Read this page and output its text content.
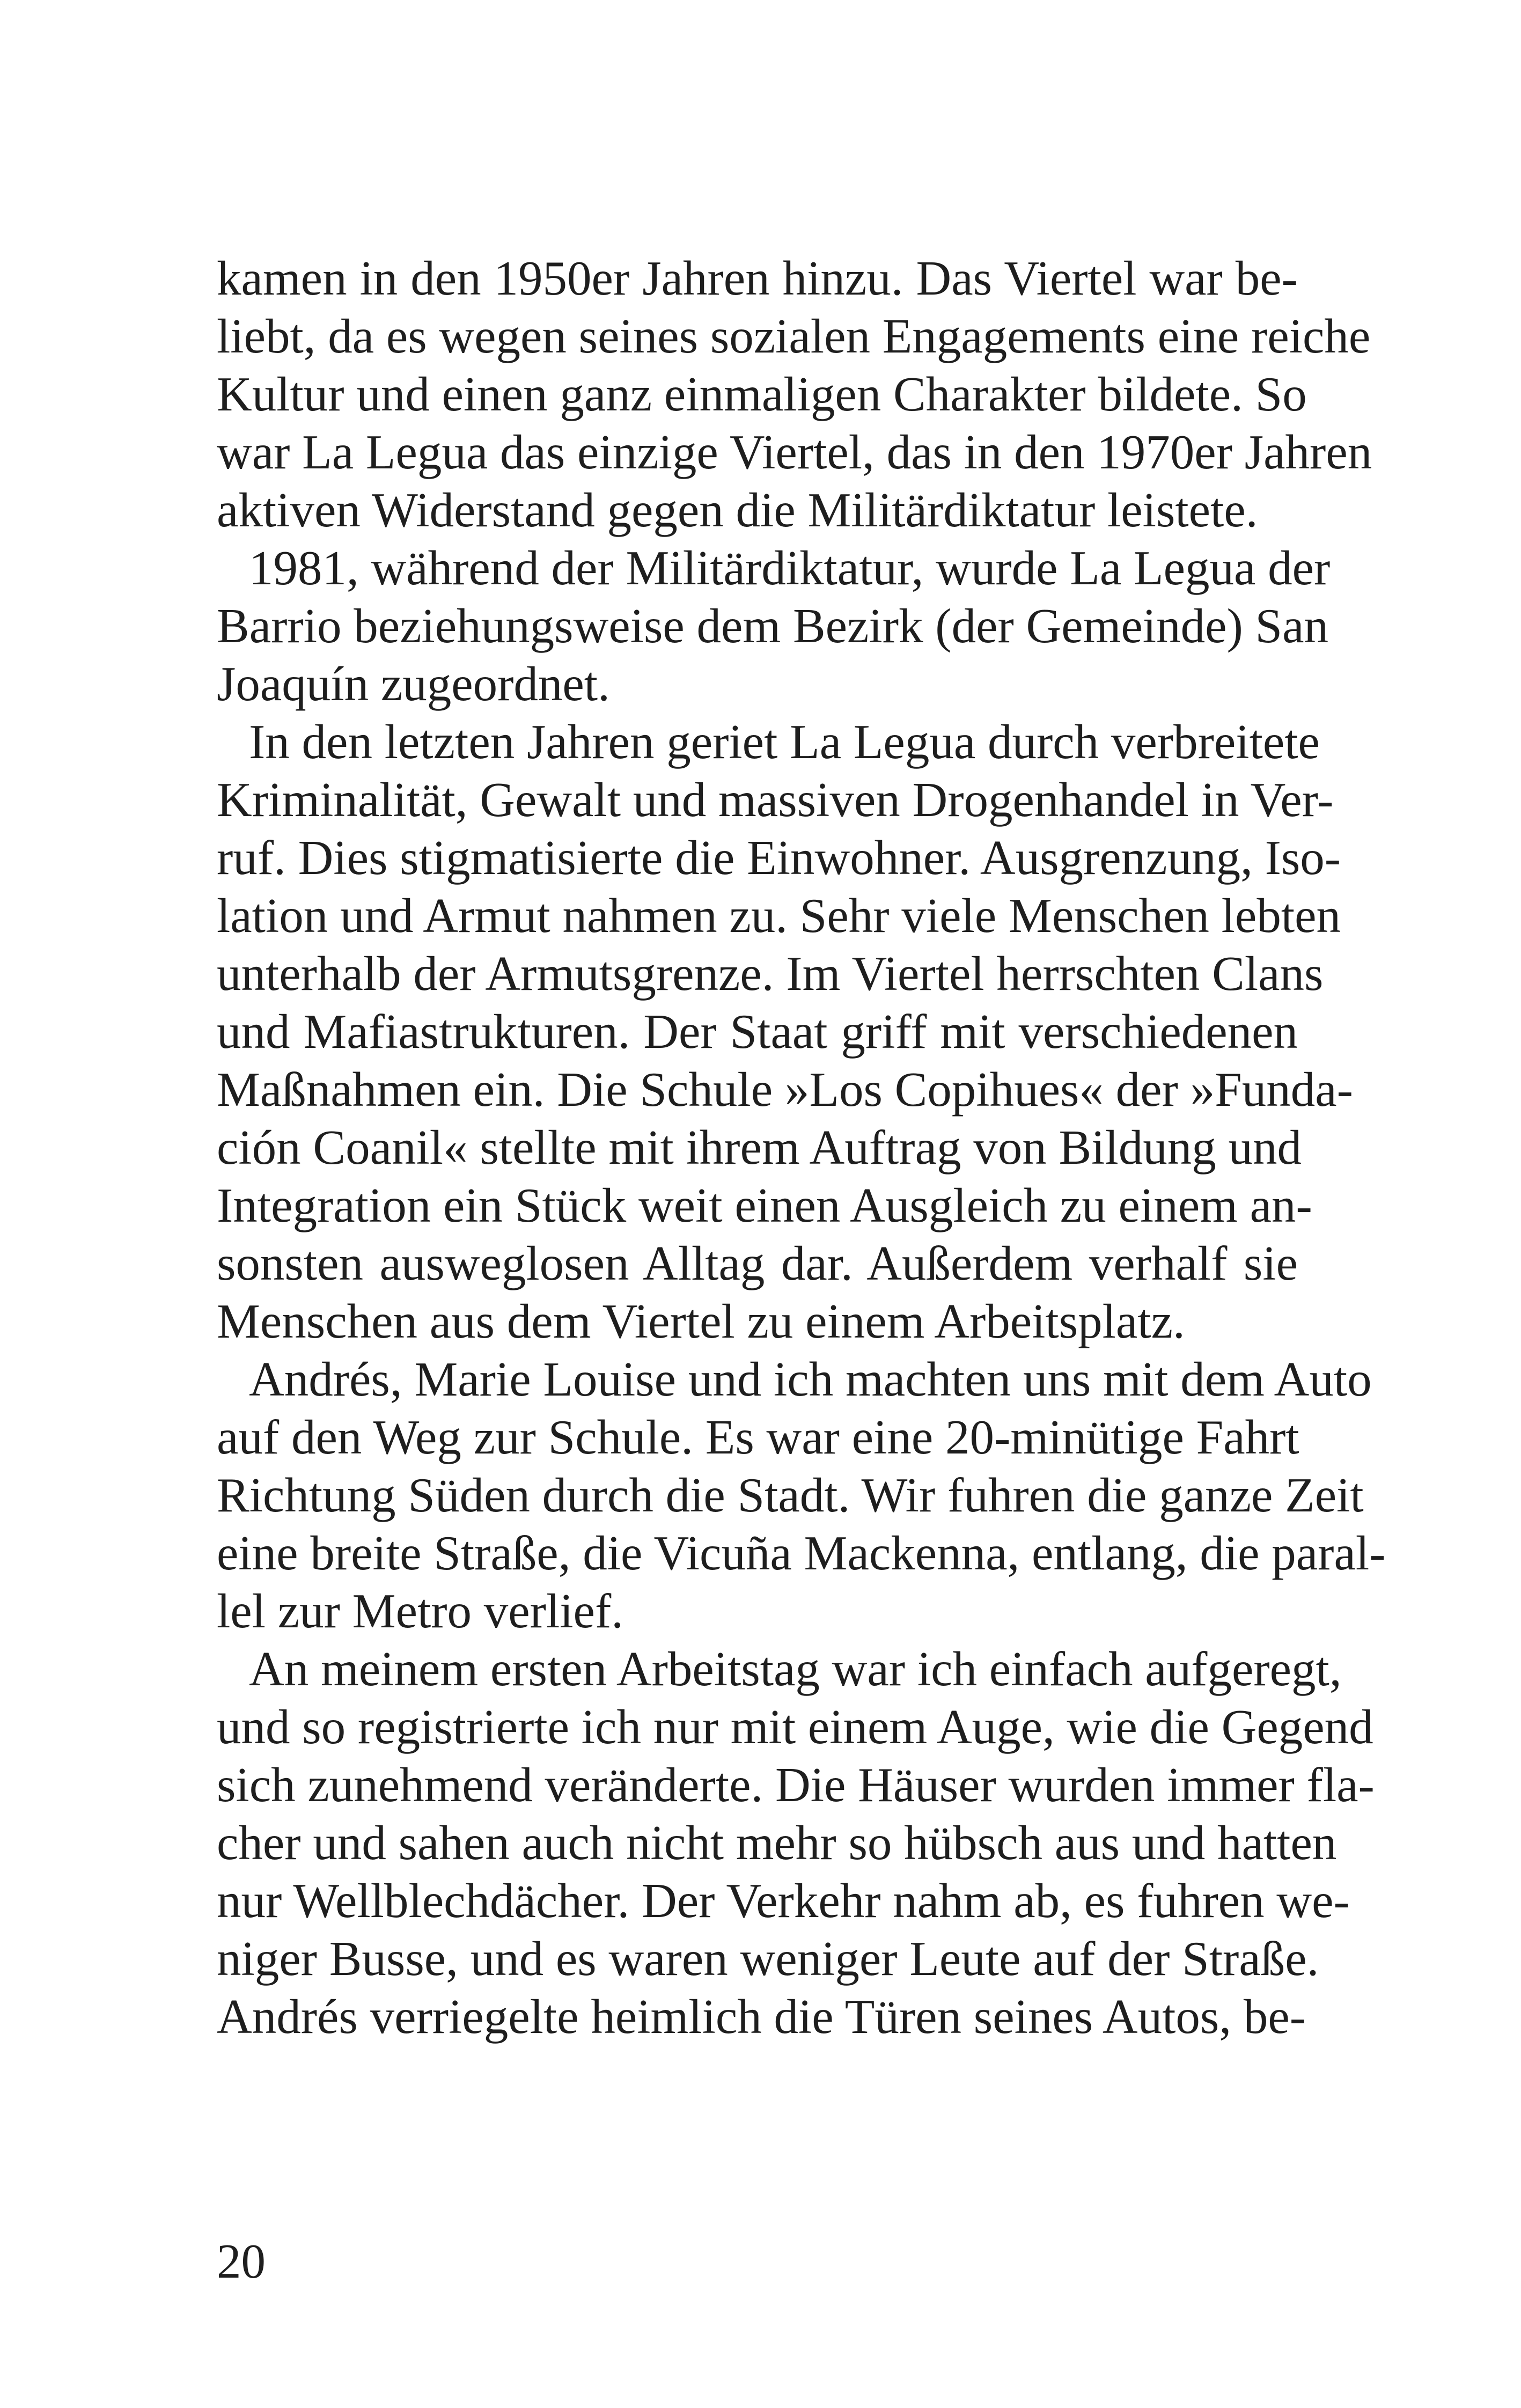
kamen in den 1950er Jahren hinzu. Das Viertel war be-
liebt, da es wegen seines sozialen Engagements eine reiche
Kultur und einen ganz einmaligen Charakter bildete. So
war La Legua das einzige Viertel, das in den 1970er Jahren
aktiven Widerstand gegen die Militärdiktatur leistete.
1981, während der Militärdiktatur, wurde La Legua der
Barrio beziehungsweise dem Bezirk (der Gemeinde) San
Joaquín zugeordnet.
In den letzten Jahren geriet La Legua durch verbreitete
Kriminalität, Gewalt und massiven Drogenhandel in Ver-
ruf. Dies stigmatisierte die Einwohner. Ausgrenzung, Iso-
lation und Armut nahmen zu. Sehr viele Menschen lebten
unterhalb der Armutsgrenze. Im Viertel herrschten Clans
und Mafiastrukturen. Der Staat griff mit verschiedenen
Maßnahmen ein. Die Schule »Los Copihues« der »Funda-
ción Coanil« stellte mit ihrem Auftrag von Bildung und
Integration ein Stück weit einen Ausgleich zu einem an-
sonsten ausweglosen Alltag dar. Außerdem verhalf sie
Menschen aus dem Viertel zu einem Arbeitsplatz.
Andrés, Marie Louise und ich machten uns mit dem Auto
auf den Weg zur Schule. Es war eine 20-minütige Fahrt
Richtung Süden durch die Stadt. Wir fuhren die ganze Zeit
eine breite Straße, die Vicuña Mackenna, entlang, die paral-
lel zur Metro verlief.
An meinem ersten Arbeitstag war ich einfach aufgeregt,
und so registrierte ich nur mit einem Auge, wie die Gegend
sich zunehmend veränderte. Die Häuser wurden immer fla-
cher und sahen auch nicht mehr so hübsch aus und hatten
nur Wellblechdächer. Der Verkehr nahm ab, es fuhren we-
niger Busse, und es waren weniger Leute auf der Straße.
Andrés verriegelte heimlich die Türen seines Autos, be-
20
